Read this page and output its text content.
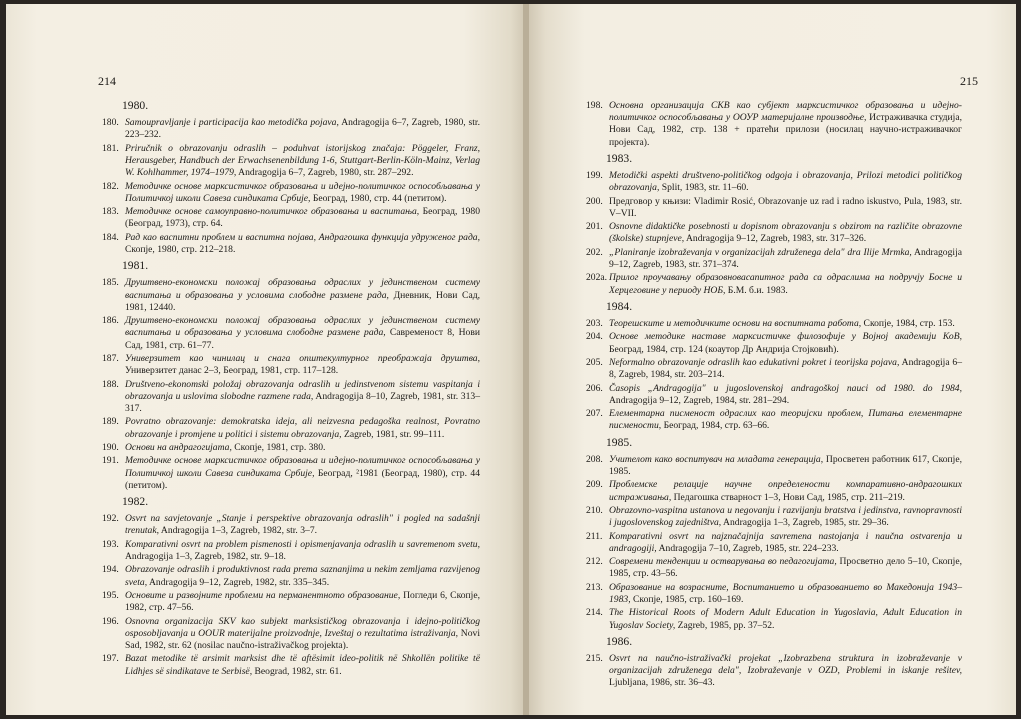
214
1980.
180. Samoupravljanje i participacija kao metodička pojava, Andragogija 6–7, Zagreb, 1980, str. 223–232.
181. Priručnik o obrazovanju odraslih – poduhvat istorijskog značaja: Pöggeler, Franz, Herausgeber, Handbuch der Erwachsenenbildung 1-6, Stuttgart-Berlin-Köln-Mainz, Verlag W. Kohlhammer, 1974–1979, Andragogija 6–7, Zagreb, 1980, str. 287–292.
182. Методичке основе марксистичког образовања и идејно-политичког оспособљавања у Политичкој школи Савеза синдиката Србије, Београд, 1980, стр. 44 (петитом).
183. Методичке основе самоуправно-политичког образовања и васпитања, Београд, 1980 (Београд, 1973), стр. 64.
184. Рад као васпитни проблем и васпитна појава, Андрагошка функција удруженог рада, Скопје, 1980, стр. 212–218.
1981.
185. Друштвено-економски положај образовања одраслих у јединственом систему васпитања и образовања у условима слободне размене рада, Дневник, Нови Сад, 1981, 12440.
186. Друштвено-економски положај образовања одраслих у јединственом систему васпитања и образовања у условима слободне размене рада, Савременост 8, Нови Сад, 1981, стр. 61–77.
187. Универзитет као чинилац и снага општекултурног преображаја друштва, Универзитет данас 2–3, Београд, 1981, стр. 117–128.
188. Društveno-ekonomski položaj obrazovanja odraslih u jedinstvenom sistemu vaspitanja i obrazovanja u uslovima slobodne razmene rada, Andragogija 8–10, Zagreb, 1981, str. 313–317.
189. Povratno obrazovanje: demokratska ideja, ali neizvesna pedagoška realnost, Povratno obrazovanje i promjene u politici i sistemu obrazovanja, Zagreb, 1981, str. 99–111.
190. Основи на андрагогијата, Скопје, 1981, стр. 380.
191. Методичке основе марксистичког образовања и идејно-политичког оспособљавања у Политичкој школи Савеза синдиката Србије, Београд, ²1981 (Београд, 1980), стр. 44 (петитом).
1982.
192. Osvrt na savjetovanje „Stanje i perspektive obrazovanja odraslih" i pogled na sadašnji trenutak, Andragogija 1–3, Zagreb, 1982, str. 3–7.
193. Komparativni osvrt na problem pismenosti i opismenjavanja odraslih u savremenom svetu, Andragogija 1–3, Zagreb, 1982, str. 9–18.
194. Obrazovanje odraslih i produktivnost rada prema saznanjima u nekim zemljama razvijenog sveta, Andragogija 9–12, Zagreb, 1982, str. 335–345.
195. Основите и развојните проблеми на перманентното образование, Погледи 6, Скопје, 1982, стр. 47–56.
196. Osnovna organizacija SKV kao subjekt marksističkog obrazovanja i idejno-političkog osposobljavanja u OOUR materijalne proizvodnje, Izveštaj o rezultatima istraživanja, Novi Sad, 1982, str. 62 (nosilac naučno-istraživačkog projekta).
197. Bazat metodike të arsimit marksist dhe të aftësimit ideo-politik në Shkollën politike të Lidhjes së sindikatave te Serbisë, Beograd, 1982, str. 61.
215
198. Основна организација СКВ као субјект марксистичког образовања и идејно-политичког оспособљавања у ООУР материјалне производње, Истраживачка студија, Нови Сад, 1982, стр. 138 + пратећи прилози (носилац научно-истраживачког пројекта).
1983.
199. Metodički aspekti društveno-političkog odgoja i obrazovanja, Prilozi metodici političkog obrazovanja, Split, 1983, str. 11–60.
200. Предговор у књизи: Vladimir Rosić, Obrazovanje uz rad i radno iskustvo, Pula, 1983, str. V–VII.
201. Osnovne didaktičke posebnosti u dopisnom obrazovanju s obzirom na različite obrazovne (školske) stupnjeve, Andragogija 9–12, Zagreb, 1983, str. 317–326.
202. „Planiranje izobraževanja v organizacijah združenega dela" dra Ilije Mrmka, Andragogija 9–12, Zagreb, 1983, str. 371–374.
202a. Прилог проучавању образовновасапитног рада са одраслима на подручју Босне и Херцеговине у периоду НОБ, Б.М. б.и. 1983.
1984.
203. Теорешските и методичките основи на воспитната работа, Скопје, 1984, стр. 153.
204. Основе методике наставе марксистичке филозофије у Војној академији КоВ, Београд, 1984, стр. 124 (коаутор Др Андрија Стојковић).
205. Neformalno obrazovanje odraslih kao edukativni pokret i teorijska pojava, Andragogija 6–8, Zagreb, 1984, str. 203–214.
206. Časopis „Andragogija" u jugoslovenskoj andragoškoj nauci od 1980. do 1984, Andragogija 9–12, Zagreb, 1984, str. 281–294.
207. Елементарна писменост одраслих као теоријски проблем, Питања елементарне писмености, Београд, 1984, стр. 63–66.
1985.
208. Учителот како воспитувач на младата генерација, Просветен работник 617, Скопје, 1985.
209. Проблемске релације научне определености компаративно-андрагошких истраживања, Педагошка стварност 1–3, Нови Сад, 1985, стр. 211–219.
210. Obrazovno-vaspitna ustanova u negovanju i razvijanju bratstva i jedinstva, ravnopravnosti i jugoslovenskog zajedništva, Andragogija 1–3, Zagreb, 1985, str. 29–36.
211. Komparativni osvrt na najznačajnija savremena nastojanja i naučna ostvarenja u andragogiji, Andragogija 7–10, Zagreb, 1985, str. 224–233.
212. Современи тенденции и остварувања во педагогијата, Просветно дело 5–10, Скопје, 1985, стр. 43–56.
213. Образование на возрасните, Воспитанието и образованието во Македонија 1943–1983, Скопје, 1985, стр. 160–169.
214. The Historical Roots of Modern Adult Education in Yugoslavia, Adult Education in Yugoslav Society, Zagreb, 1985, pp. 37–52.
1986.
215. Osvrt na naučno-istraživački projekat „Izobrazbena struktura in izobraževanje v organizacijah združenega dela", Izobraževanje v OZD, Problemi in iskanje rešitev, Ljubljana, 1986, str. 36–43.
